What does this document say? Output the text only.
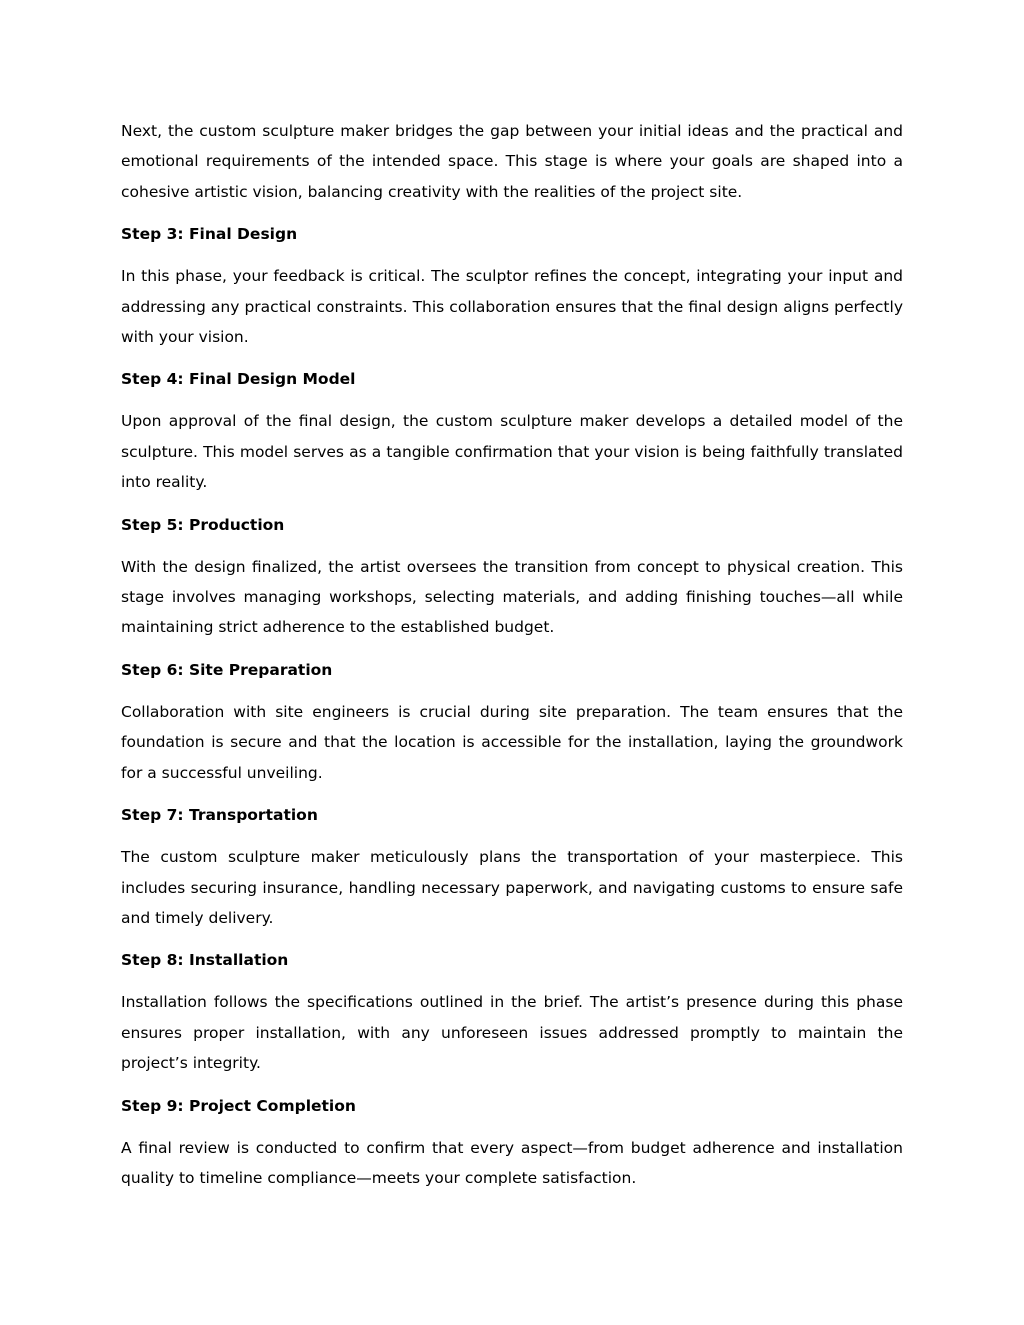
Next, the custom sculpture maker bridges the gap between your initial ideas and the practical and emotional requirements of the intended space. This stage is where your goals are shaped into a cohesive artistic vision, balancing creativity with the realities of the project site.

Step 3: Final Design

In this phase, your feedback is critical. The sculptor refines the concept, integrating your input and addressing any practical constraints. This collaboration ensures that the final design aligns perfectly with your vision.

Step 4: Final Design Model

Upon approval of the final design, the custom sculpture maker develops a detailed model of the sculpture. This model serves as a tangible confirmation that your vision is being faithfully translated into reality.

Step 5: Production

With the design finalized, the artist oversees the transition from concept to physical creation. This stage involves managing workshops, selecting materials, and adding finishing touches—all while maintaining strict adherence to the established budget.

Step 6: Site Preparation

Collaboration with site engineers is crucial during site preparation. The team ensures that the foundation is secure and that the location is accessible for the installation, laying the groundwork for a successful unveiling.

Step 7: Transportation

The custom sculpture maker meticulously plans the transportation of your masterpiece. This includes securing insurance, handling necessary paperwork, and navigating customs to ensure safe and timely delivery.

Step 8: Installation

Installation follows the specifications outlined in the brief. The artist’s presence during this phase ensures proper installation, with any unforeseen issues addressed promptly to maintain the project’s integrity.

Step 9: Project Completion

A final review is conducted to confirm that every aspect—from budget adherence and installation quality to timeline compliance—meets your complete satisfaction.
